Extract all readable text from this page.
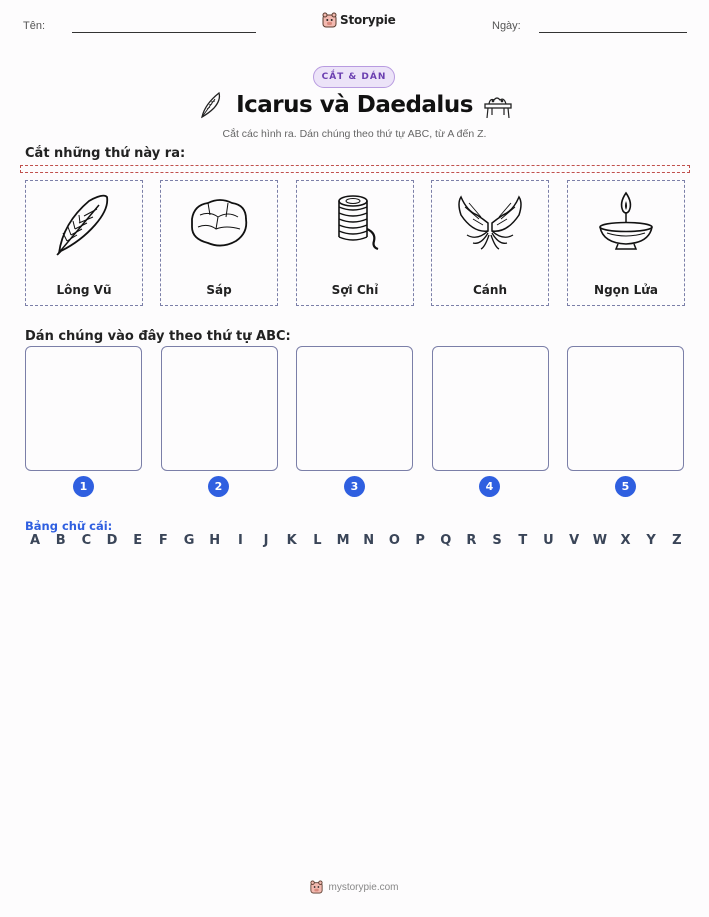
Tên:	Storypie	Ngày:
CẮT & DÁN
Icarus và Daedalus
Cắt các hình ra. Dán chúng theo thứ tự ABC, từ A đến Z.
Cắt những thứ này ra:
Lông Vũ	Sáp	Sợi Chỉ	Cánh	Ngọn Lửa
Dán chúng vào đây theo thứ tự ABC:
1	2	3	4	5
Bảng chữ cái:
A B C D E F G H	I	J	K L M N O P Q R S T U V W X Y Z
mystorypie.com
